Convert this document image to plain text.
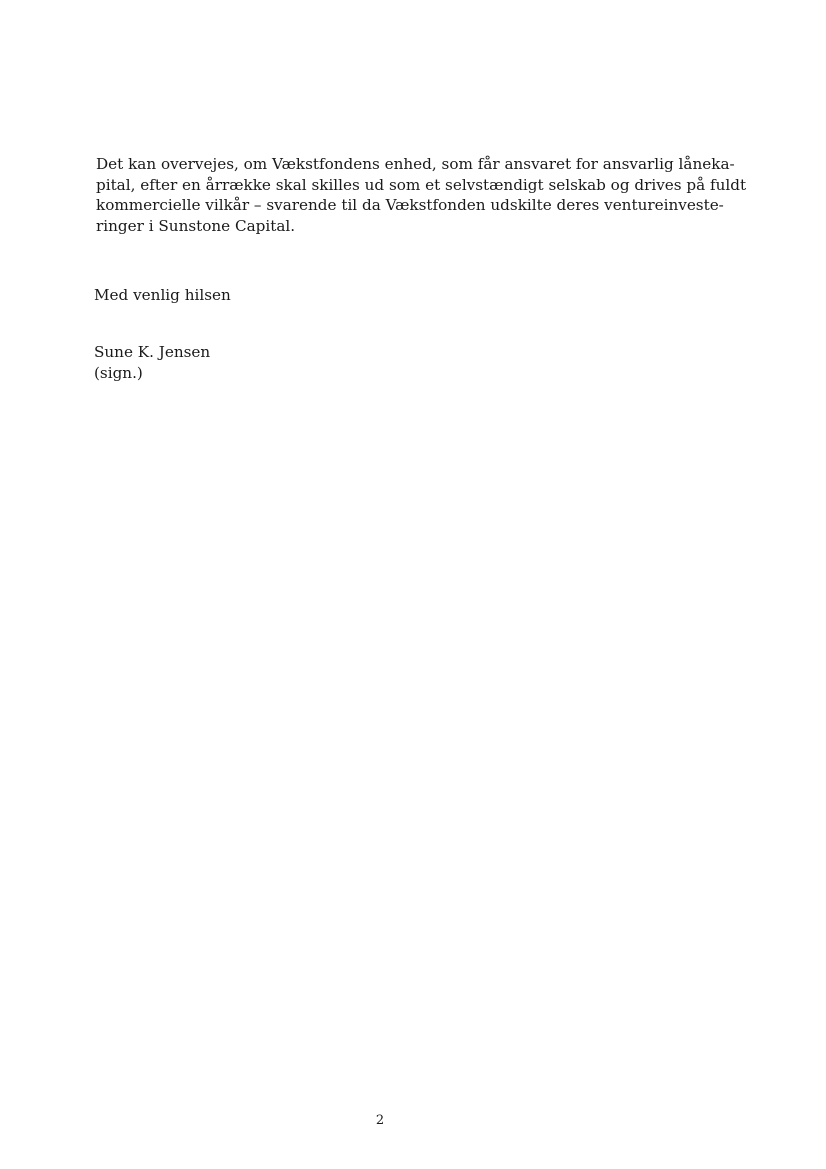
Det kan overvejes, om Vækstfondens enhed, som får ansvaret for ansvarlig låneka-
pital, efter en årrække skal skilles ud som et selvstændigt selskab og drives på fuldt
kommercielle vilkår – svarende til da Vækstfonden udskilte deres ventureinveste-
ringer i Sunstone Capital.
Med venlig hilsen
Sune K. Jensen
(sign.)
2
